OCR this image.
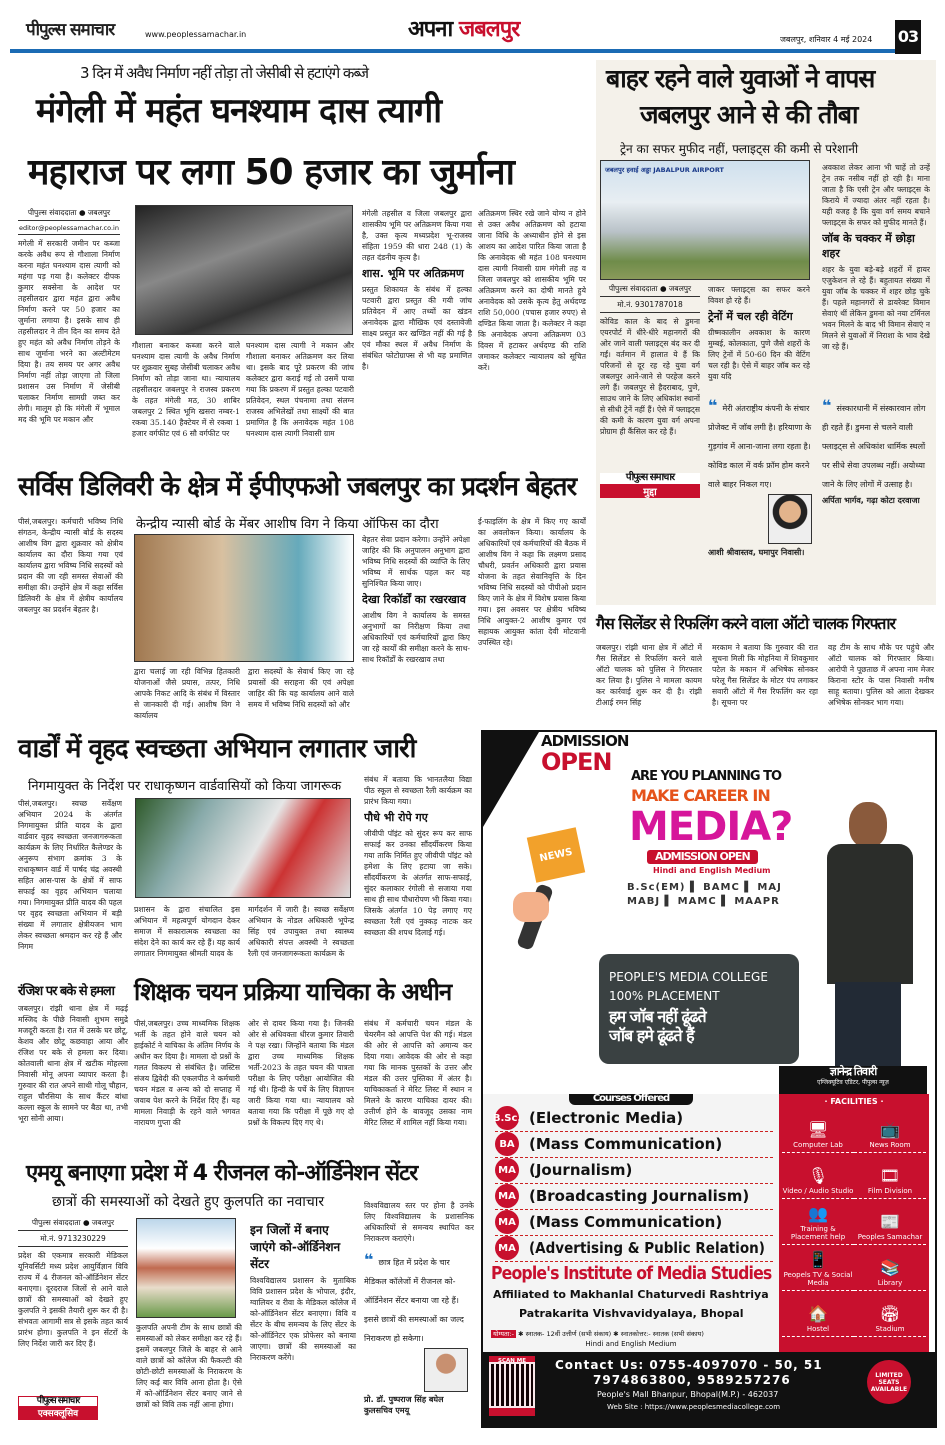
पीपुल्स समाचार	www.peoplessamachar.in	अपना जबलपुर	जबलपुर, शनिवार 4 मई 2024 03
3 दिन में अवैध निर्माण नहीं तोड़ा तो जेसीबी से हटाएंगे कब्जे
मंगेली में महंत घनश्याम दास त्यागी
महाराज पर लगा 50 हजार का जुर्माना
पीपुल्स संवाददाता ● जबलपुर
editor@peoplessamachar.co.in
मगेली में सरकारी जमीन पर कब्जा करके अवैध रूप से गौशाला निर्माण करना महंत घनश्याम दास त्यागी को महंगा पड़ गया है। कलेक्टर दीपक कुमार सक्सेना के आदेश पर तहसीलदार द्वारा महंत द्वारा अवैध निर्माण करने पर 50 हजार का जुर्माना लगाया है। इसके साथ ही तहसीलदार ने तीन दिन का समय देते हुए महंत को अवैध निर्माण तोड़ने के साथ जुर्माना भरने का अल्टीमेटम दिया है। तय समय पर अगर अवैध निर्माण नहीं तोड़ा जाएगा तो जिला प्रशासन उस निर्माण में जेसीबी चलाकर निर्माण सामग्री जब्त कर लेगी। मालूम हो कि मंगेली में भूमाल मद की भूमि पर मकान और
गौशाला बनाकर कब्जा करने वाले घनश्याम दास त्यागी के अवैध निर्माण पर शुक्रवार सुबह जेसीबी चलाकर अवैध निर्माण को तोड़ा जाना था। न्यायालय तहसीलदार जबलपुर ने राजस्व प्रकरण के तहत मंगेली मठ, 30 शाबिर जबलपुर 2 स्थित भूमि खसरा नम्बर-1 रकबा 35.140 हैक्टेयर में से रकबा 1 हजार वर्गफीट एवं 6 सौ वर्गफीट पर
घनश्याम दास त्यागी ने मकान और गौशाला बनाकर अतिक्रमण कर लिया था। इसके बाद पूरे प्रकरण की जांच कलेक्टर द्वारा कराई गई तो उसमें पाया गया कि प्रकरण में प्रस्तुत हल्का पटवारी प्रतिवेदन, स्थल पंचनामा तथा संलग्न राजस्व अभिलेखों तथा साक्ष्यों की बात प्रमाणित है कि अनावेदक महंत 108 घनश्याम दास त्यागी निवासी ग्राम
मंगेली तहसील व जिला जबलपुर द्वारा शासकीय भूमि पर अतिक्रमण किया गया है, उक्त कृत्य मध्यप्रदेश भू-राजस्व संहिता 1959 की धारा 248 (1) के तहत दंडनीय कृत्य है।
शास. भूमि पर अतिक्रमण
प्रस्तुत शिकायत के संबंध में हल्का पटवारी द्वारा प्रस्तुत की गयी जांच प्रतिवेदन में आए तथ्यों का खंडन अनावेदक द्वारा मौखिक एवं दस्तावेजी साक्ष्य प्रस्तुत कर खण्डित नहीं की गई है एवं मौका स्थल में अवैध निर्माण के संबंधित फोटोग्राफ्स से भी यह प्रमाणित है।
अतिक्रमण स्थिर रखे जाने योग्य न होने से उक्त अवैध अतिक्रमण को हटाया जाना विधि के अध्याधीन होने से इस आशय का आदेश पारित किया जाता है कि अनावेदक श्री महंत 108 घनश्याम दास त्यागी निवासी ग्राम मंगेली तह व जिला जबलपुर को शासकीय भूमि पर अतिक्रमण करने का दोषी मानते हुये अनावेदक को उसके कृत्य हेतु अर्थदण्ड राशि 50,000 (पचास हजार रुपए) से दण्डित किया जाता है। कलेक्टर ने कहा कि अनावेदक अपना अतिक्रमण 03 दिवस में हटाकर अर्थदण्ड की राशि जमाकर कलेक्टर न्यायालय को सूचित करें।
बाहर रहने वाले युवाओं ने वापस
जबलपुर आने से की तौबा
ट्रेन का सफर मुफीद नहीं, फ्लाइट्स की कमी से परेशानी
जबलपुर हवाई अड्डा JABALPUR AIRPORT
पीपुल्स संवाददाता ● जबलपुर
मो.नं. 9301787018
कोविड काल के बाद से डुमना एयरपोर्ट में धीरे-धीरे महानगरों की ओर जाने वाली फ्लाइट्स बंद कर दी गईं। वर्तमान में हालात ये हैं कि परिजनों से दूर रह रहे युवा वर्ग जबलपुर आने-जाने से परहेज करने लगे हैं। जबलपुर से हैदराबाद, पुणे, साउथ जाने के लिए अधिकांश स्थानों से सीधी ट्रेनें नहीं हैं। ऐसे में फ्लाइट्स की कमी के कारण युवा वर्ग अपना प्रोग्राम ही कैंसिल कर रहे हैं।
पीपुल्स समाचार
मुद्दा
जाकर फ्लाइट्स का सफर करने विवश हो रहे हैं।
ट्रेनों में चल रही वेटिंग
ग्रीष्मकालीन अवकाश के कारण मुम्बई, कोलकाता, पुणे जैसे शहरों के लिए ट्रेनों में 50-60 दिन की वेटिंग चल रही है। ऐसे में बाहर जॉब कर रहे युवा यदि
अवकाश लेकर आना भी चाहें तो उन्हें ट्रेन तक नसीब नहीं हो रही है। माना जाता है कि एसी ट्रेन और फ्लाइट्स के किराये में ज्यादा अंतर नहीं रहता है। यही वजह है कि युवा वर्ग समय बचाने फ्लाइट्स के सफर को मुफीद मानते हैं।
जॉब के चक्कर में छोड़ा शहर
शहर के युवा बड़े-बड़े शहरों में हायर एजुकेशन ले रहे हैं। बहुतायत संख्या में युवा जॉब के चक्कर में शहर छोड़ चुके हैं। पहले महानगरों से डायरेक्ट विमान सेवाएं थीं लेकिन डुमना को नया टर्मिनल भवन मिलने के बाद भी विमान सेवाएं न मिलने से युवाओं में निराशा के भाव देखे जा रहे हैं।
❝ मेरी अंतराष्ट्रीय कंपनी के संचार प्रोजेक्ट में जॉब लगी है। हरियाणा के गुड़गांव में आना-जाना लगा रहता है। कोविड काल में वर्क फ्रॉम होम करने वाले बाहर निकल गए।
आशी श्रीवास्तव, घमापुर निवासी।
❝ संस्कारधानी में संस्कारवान लोग ही रहते हैं। डुमना से चलने वाली फ्लाइट्स से अधिकांश धार्मिक स्थलों पर सीधे सेवा उपलब्ध नहीं। अयोध्या जाने के लिए लोगों में उत्साह है।
अर्पिता भार्गव, गढ़ा कोटा दरवाजा
सर्विस डिलिवरी के क्षेत्र में ईपीएफओ जबलपुर का प्रदर्शन बेहतर
पीसं,जबलपुर। कर्मचारी भविष्य निधि संगठन, केन्द्रीय न्यासी बोर्ड के सदस्य आशीष विग द्वारा शुक्रवार को क्षेत्रीय कार्यालय का दौरा किया गया एवं कार्यालय द्वारा भविष्य निधि सदस्यों को प्रदान की जा रही समस्त सेवाओं की समीक्षा की। उन्होंने क्षेत्र में कहा सर्विस डिलिवरी के क्षेत्र में क्षेत्रीय कार्यालय जबलपुर का प्रदर्शन बेहतर है।
केन्द्रीय न्यासी बोर्ड के मेंबर आशीष विग ने किया ऑफिस का दौरा
द्वारा चलाई जा रही विभिन्न हितकारी योजनाओं जैसे प्रयास, तत्पर, निधि आपके निकट आदि के संबंध में विस्तार से जानकारी दी गई। आशीष विग ने कार्यालय
द्वारा सदस्यों के सेवार्थ किए जा रहे प्रयासों की सराहना की एवं अपेक्षा जाहिर की कि यह कार्यालय आने वाले समय में भविष्य निधि सदस्यों को और
बेहतर सेवा प्रदान करेगा। उन्होंने अपेक्षा जाहिर की कि अनुपालन अनुभाग द्वारा भविष्य निधि सदस्यों की व्याप्ति के लिए भविष्य में सार्थक पहल कर यह सुनिश्चित किया जाए।
देखा रिकॉर्डों का रखरखाव
आशीष विग ने कार्यालय के समस्त अनुभागों का निरीक्षण किया तथा अधिकारियों एवं कर्मचारियों द्वारा किए जा रहे कार्यों की समीक्षा करने के साथ-साथ रिकॉर्डों के रखरखाव तथा
ई-फाइलिंग के क्षेत्र में किए गए कार्यों का अवलोकन किया। कार्यालय के अधिकारियों एवं कर्मचारियों की बैठक में आशीष विग ने कहा कि लक्ष्मण प्रसाद चौधरी, प्रवर्तन अधिकारी द्वारा प्रयास योजना के तहत सेवानिवृत्ति के दिन भविष्य निधि सदस्यों को पीपीओ प्रदान किए जाने के क्षेत्र में विशेष प्रयास किया गया। इस अवसर पर क्षेत्रीय भविष्य निधि आयुक्त-2 आशीष कुमार एवं सहायक आयुक्त कांता देवी मोटवानी उपस्थित रहे।
गैस सिलेंडर से रिफलिंग करने वाला ऑटो चालक गिरफ्तार
जबलपुर। रांझी थाना क्षेत्र में ऑटो में गैस सिलेंडर से रिफलिंग करने वाले ऑटो चालक को पुलिस ने गिरफ्तार कर लिया है। पुलिस ने मामला कायम कर कार्रवाई शुरू कर दी है। रांझी टीआई रमन सिंह
मरकाम ने बताया कि गुरुवार की रात सूचना मिली कि मोहनिया में शिवकुमार पटेल के मकान में अभिषेक सोनकर घरेलू गैस सिलेंडर के मोटर पंप लगाकर सवारी ऑटो में गैस रिफलिंग कर रहा है। सूचना पर
वह टीम के साथ मौके पर पहुंचे और ऑटो चालक को गिरफ्तार किया। आरोपी ने पूछताछ में अपना नाम मेजर किराना स्टोर के पास निवासी मनीष साहू बताया। पुलिस को आता देखकर अभिषेक सोनकर भाग गया।
वार्डों में वृहद स्वच्छता अभियान लगातार जारी
निगमायुक्त के निर्देश पर राधाकृष्णन वार्डवासियों को किया जागरूक
पीसं,जबलपुर। स्वच्छ सर्वेक्षण अभियान 2024 के अंतर्गत निगमायुक्त प्रीति यादव के द्वारा वार्डवार वृहद स्वच्छता जनजागरूकता कार्यक्रम के लिए निर्धारित कैलेण्डर के अनुरूप संभाग क्रमांक 3 के राधाकृष्णन वार्ड में पार्षद चंद्र अवस्थी सहित आस-पास के क्षेत्रों में साफ सफाई का वृहद अभियान चलाया गया। निगमायुक्त प्रीति यादव की पहल पर वृहद स्वच्छता अभियान में बड़ी संख्या में लगातार क्षेत्रीयजन भाग लेकर स्वच्छता श्रमदान कर रहे हैं और निगम
प्रशासन के द्वारा संचालित इस अभियान में महत्वपूर्ण योगदान देकर समाज में सकारात्मक स्वच्छता का संदेश देने का कार्य कर रहे हैं। यह कार्य लगातार निगमायुक्त श्रीमती यादव के
मार्गदर्शन में जारी है। स्वच्छ सर्वेक्षण अभियान के नोडल अधिकारी भूपेन्द्र सिंह एवं उपायुक्त तथा स्वास्थ्य अधिकारी संपत्त अवस्थी ने स्वच्छता रैली एवं जनजागरूकता कार्यक्रम के
संबंध में बताया कि भानतलैया विद्या पीठ स्कूल से स्वच्छता रैली कार्यक्रम का प्रारंभ किया गया।
पौधे भी रोपे गए
जीवीपी पॉइंट को सुंदर रूप कर साफ सफाई कर उनका सौंदर्यीकरण किया गया ताकि निर्मित हुए जीवीपी पॉइंट को हमेशा के लिए हटाया जा सके। सौंदर्यीकरण के अंतर्गत साफ-सफाई, सुंदर कलाकार रंगोली से सजाया गया साथ ही साथ पौधारोपण भी किया गया। जिसके अंतर्गत 10 पेड़ लगाए गए स्वच्छता रैली एवं नुक्कड़ नाटक कर स्वच्छता की शपथ दिलाई गई।
रंजिश पर बके से हमला
जबलपुर। रांझी थाना क्षेत्र में मढ़ई मस्जिद के पीछे निवासी शुभम समुद्रे मजदूरी करता है। रात में उसके घर छोटू, केशव और छोटू कछवाहा आया और रंजिश पर बके से हमला कर दिया। कोतवाली थाना क्षेत्र में खटीक मोहल्ला निवासी मोनू अपना व्यापार करता है। गुरुवार की रात अपने साथी गोलू चौहान, राहुल चौरसिया के साथ कैंटर बांधा कल्ला स्कूल के सामने पर बैठा था, तभी भूरा सोनी आया।
शिक्षक चयन प्रक्रिया याचिका के अधीन
पीसं,जबलपुर। उच्च माध्यमिक शिक्षक भर्ती के तहत होने वाले चयन को हाईकोर्ट ने याचिका के अंतिम निर्णय के अधीन कर दिया है। मामला दो प्रश्नों के गलत विकल्प से संबंधित है। जस्टिस संजय द्विवेदी की एकलपीठ ने कर्मचारी चयन मंडल व अन्य को दो सप्ताह में जवाब पेश करने के निर्देश दिए हैं। यह मामला निवाड़ी के रहने वाले भगवत नारायण गुप्ता की
ओर से दायर किया गया है। जिनकी ओर से अधिवक्ता धीरज कुमार तिवारी ने पक्ष रखा। जिन्होंने बताया कि मंडल द्वारा उच्च माध्यमिक शिक्षक भर्ती-2023 के तहत चयन की पात्रता परीक्षा के लिए परीक्षा आयोजित की गई थी। हिन्दी के पर्चे के लिए विज्ञापन जारी किया गया था। न्यायालय को बताया गया कि परीक्षा में पूछे गए दो प्रश्नों के विकल्प दिए गए थे।
संबंध में कर्मचारी चयन मंडल के चेयरमैन को आपत्ति पेश की गई। मंडल की ओर से आपत्ति को अमान्य कर दिया गया। आवेदक की ओर से कहा गया कि मानक पुस्तकों के उत्तर और मंडल की उत्तर पुस्तिका में अंतर है। याचिकाकर्ता ने मेरिट लिस्ट में स्थान न मिलने के कारण याचिका दायर की। उत्तीर्ण होने के बावजूद उसका नाम मेरिट लिस्ट में शामिल नहीं किया गया।
एमयू बनाएगा प्रदेश में 4 रीजनल को-ऑर्डिनेशन सेंटर
छात्रों की समस्याओं को देखते हुए कुलपति का नवाचार
पीपुल्स संवाददाता ● जबलपुर
मो.नं. 9713230229
प्रदेश की एकमात्र सरकारी मेडिकल यूनिवर्सिटी मध्य प्रदेश आयुर्विज्ञान विवि राज्य में 4 रीजनल को-ऑर्डिनेशन सेंटर बनाएगा। दूरदराज जिलों से आने वाले छात्रों की समस्याओं को देखते हुए कुलपति ने इसकी तैयारी शुरू कर दी है। संभवतः आगामी सत्र से इसके तहत कार्य प्रारंभ होगा। कुलपति ने इन सेंटरों के लिए निर्देश जारी कर दिए हैं।
पीपुल्स समाचार
एक्सक्लूसिव
कुलपति अपनी टीम के साथ छात्रों की समस्याओं को लेकर समीक्षा कर रहे हैं। इसमें जबलपुर जिले के बाहर से आने वाले छात्रों को कॉलेज की फैकल्टी की छोटी-छोटी समस्याओं के निराकरण के लिए कई बार विवि आना होता है। ऐसे में को-ऑर्डिनेशन सेंटर बनाए जाने से छात्रों को विवि तक नहीं आना होगा।
इन जिलों में बनाए जाएंगे को-ऑर्डिनेशन सेंटर
विश्वविद्यालय प्रशासन के मुताबिक विवि प्रशासन प्रदेश के भोपाल, इंदौर, ग्वालियर व रीवा के मेडिकल कॉलेज में को-ऑर्डिनेशन सेंटर बनाएगा। विवि व सेंटर के बीच समन्वय के लिए सेंटर के को-ऑर्डिनेटर एक प्रोफेसर को बनाया जाएगा। छात्रों की समस्याओं का निराकरण करेंगे।
विश्वविद्यालय स्तर पर होना है उनके लिए विश्वविद्यालय के प्रशासनिक अधिकारियों से समन्वय स्थापित कर निराकरण कराएंगे।
❝ छात्र हित में प्रदेश के चार मेडिकल कॉलेजों में रीजनल को-ऑर्डिनेशन सेंटर बनाया जा रहे हैं। इससे छात्रों की समस्याओं का जल्द निराकरण हो सकेगा।
प्रो. डॉ. पुष्पराज सिंह बघेल कुलसचिव एमयू
ADMISSION
OPEN
ARE YOU PLANNING TO
MAKE CAREER IN
MEDIA?
ADMISSION OPEN
Hindi and English Medium
B.Sc(EM) ▌ BAMC ▌ MAJ
MABJ ▌ MAMC ▌ MAAPR
NEWS
PEOPLE'S MEDIA COLLEGE 100% PLACEMENT हम जॉब नहीं ढूंढते जॉब हमे ढूंढते हैं
ज्ञानेन्द्र तिवारी
एग्जिक्यूटिव एडिटर, पीपुल्स न्यूज़
Courses Offered
B.Sc. (Electronic Media)
BA (Mass Communication)
MA (Journalism)
MA (Broadcasting Journalism)
MA (Mass Communication)
MA (Advertising & Public Relation)
People's Institute of Media Studies Affiliated to Makhanlal Chaturvedi Rashtriya Patrakarita Vishvavidyalaya, Bhopal योग्यता:- ✱ स्नातक- 12वीं उत्तीर्ण (सभी संकाय) ✱ स्नातकोत्तर:- स्नातक (सभी संकाय)
Hindi and English Medium
· FACILITIES ·
🖥
Computer Lab
📺
News Room
🎙
Video / Audio Studio
🎞
Film Division
👥
Training & Placement help
📰
Peoples Samachar
📱
Peopels TV & Social Media
📚
Library
🏠
Hostel
🏟
Stadium
SCAN ME	Contact Us: 0755-4097070 - 50, 51
7974863800, 9589257276
People's Mall Bhanpur, Bhopal(M.P.) - 462037
Web Site : https://www.peoplesmediacollege.com
LIMITED SEATS AVAILABLE
